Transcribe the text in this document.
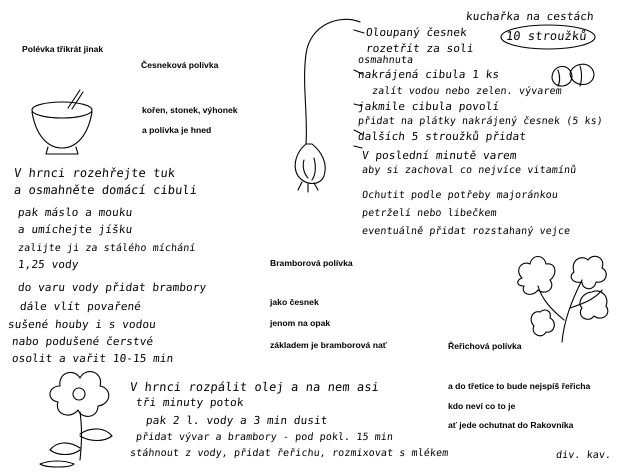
Polévka třikrát jinak
Česneková polívka
kořen, stonek, výhonek
a polívka je hned
Bramborová polívka
jako česnek
jenom na opak
základem je bramborová nať	Řeřichová polívka
a do třetice to bude nejspíš řeřicha
kdo neví co to je
ať jede ochutnat do Rakovníka
kuchařka na cestách
V hrnci rozehřejte tuk
a osmahněte domácí cibuli
pak máslo a mouku
a umíchejte jíšku
zalijte ji za stálého míchání
1,25 vody
do varu vody přidat brambory
dále vlít povařené
sušené houby i s vodou
nabo podušené čerstvé
osolit a vařit 10-15 min
Oloupaný česnek	10 stroužků
rozetřít za soli
osmahnuta
nakrájená cibula 1 ks
zalít vodou nebo zelen. vývarem
jakmile cibula povolí
přidat na plátky nakrájený česnek (5 ks)
dalších 5 stroužků přidat
V poslední minutě varem
aby si zachoval co nejvíce vitamínů
Ochutit podle potřeby majoránkou
petrželí nebo libečkem
eventuálně přidat rozstahaný vejce
V hrnci rozpálit olej a na nem asi
tři minuty potok
pak 2 l. vody a 3 min dusit
přidat vývar a brambory - pod pokl. 15 min
stáhnout z vody, přidat řeřichu, rozmixovat s mlékem	div. kav.
